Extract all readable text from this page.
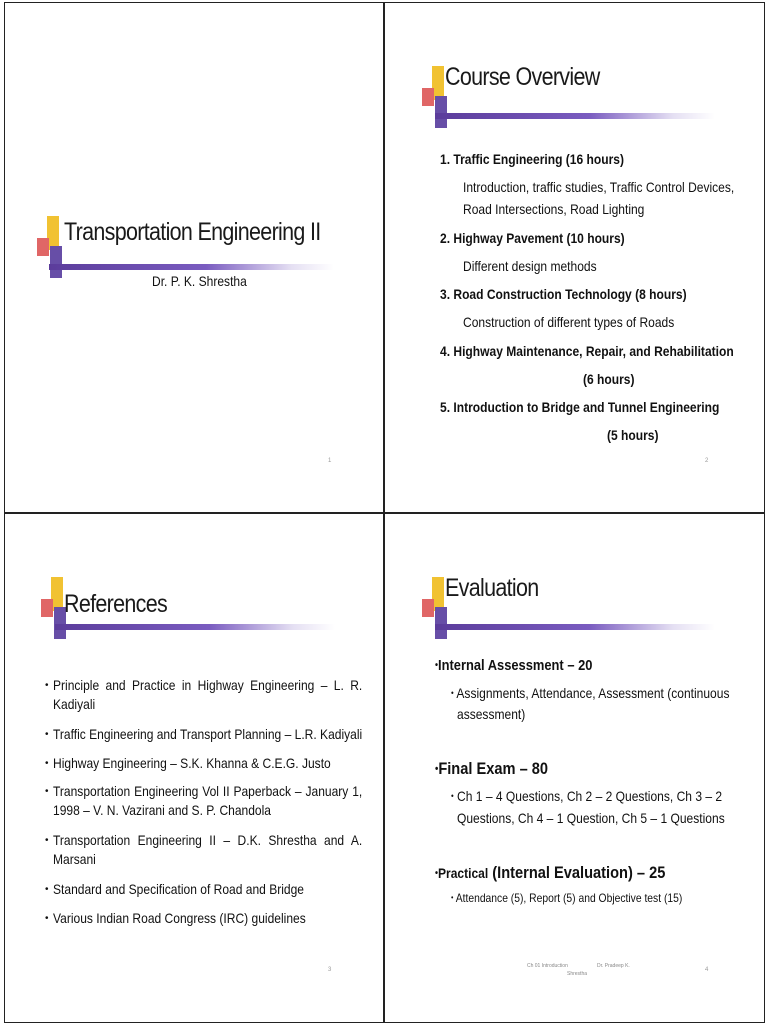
Transportation Engineering II
Dr. P. K. Shrestha
1
Course Overview
1. Traffic Engineering (16 hours)
Introduction, traffic studies, Traffic Control Devices,
Road Intersections, Road Lighting
2. Highway Pavement (10 hours)
Different design methods
3. Road Construction Technology (8 hours)
Construction of different types of Roads
4. Highway Maintenance, Repair, and Rehabilitation
(6 hours)
5. Introduction to Bridge and Tunnel Engineering
(5 hours)
2
References
• Principle and Practice in Highway Engineering – L. R. Kadiyali
• Traffic Engineering and Transport Planning – L.R. Kadiyali
• Highway Engineering – S.K. Khanna & C.E.G. Justo
• Transportation Engineering Vol II Paperback – January 1, 1998 – V. N. Vazirani and S. P. Chandola
• Transportation Engineering II – D.K. Shrestha and A. Marsani
• Standard and Specification of Road and Bridge
• Various Indian Road Congress (IRC) guidelines
3
Evaluation
•Internal Assessment – 20
• Assignments, Attendance, Assessment (continuous
assessment)
•Final Exam – 80
• Ch 1 – 4 Questions, Ch 2 – 2 Questions, Ch 3 – 2
Questions, Ch 4 – 1 Question, Ch 5 – 1 Questions
•Practical (Internal Evaluation) – 25
• Attendance (5), Report (5) and Objective test (15)
Ch 01 Introduction	Dr. Pradeep K.
Shrestha
4
